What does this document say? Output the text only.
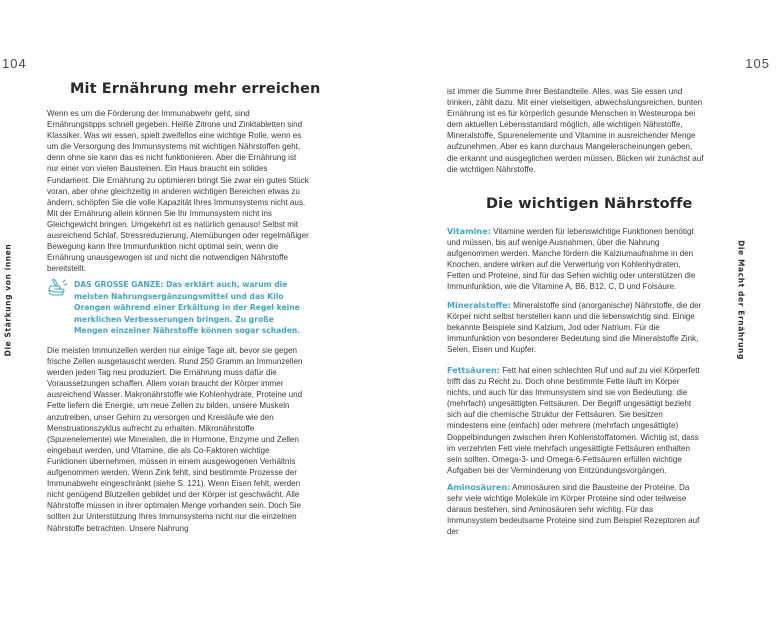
104	105
Die Stärkung von innen	Die Macht der Ernährung
Mit Ernährung mehr erreichen

Wenn es um die Förderung der Immunabwehr geht, sind Ernährungstipps schnell gegeben. Heiße Zitrone und Zinktabletten sind Klassiker. Was wir essen, spielt zweifellos eine wichtige Rolle, wenn es um die Versorgung des Immunsystems mit wichtigen Nährstoffen geht, denn ohne sie kann das es nicht funktionieren. Aber die Ernährung ist nur einer von vielen Bausteinen. Ein Haus braucht ein solides Fundament. Die Ernährung zu optimieren bringt Sie zwar ein gutes Stück voran, aber ohne gleichzeitig in anderen wichtigen Bereichen etwas zu ändern, schöpfen Sie die volle Kapazität Ihres Immunsystems nicht aus. Mit der Ernährung allein können Sie Ihr Immunsystem nicht ins Gleichgewicht bringen. Umgekehrt ist es natürlich genauso! Selbst mit ausreichend Schlaf, Stressreduzierung, Atemübungen oder regelmäßiger Bewegung kann Ihre Immunfunktion nicht optimal sein, wenn die Ernährung unausgewogen ist und nicht die notwendigen Nährstoffe bereitstellt.

DAS GROSSE GANZE: Das erklärt auch, warum die meisten Nahrungsergänzungsmittel und das Kilo Orangen während einer Erkältung in der Regel keine merklichen Verbesserungen bringen. Zu große Mengen einzelner Nährstoffe können sogar schaden.

Die meisten Immunzellen werden nur einige Tage alt, bevor sie gegen frische Zellen ausgetauscht werden. Rund 250 Gramm an Immunzellen werden jeden Tag neu produziert. Die Ernährung muss dafür die Voraussetzungen schaffen. Allem voran braucht der Körper immer ausreichend Wasser. Makronährstoffe wie Kohlenhydrate, Proteine und Fette liefern die Energie, um neue Zellen zu bilden, unsere Muskeln anzutreiben, unser Gehirn zu versorgen und Kreisläufe wie den Menstruationszyklus aufrecht zu erhalten. Mikronährstoffe (Spurenelemente) wie Mineralien, die in Hormone, Enzyme und Zellen eingebaut werden, und Vitamine, die als Co-Faktoren wichtige Funktionen übernehmen, müssen in einem ausgewogenen Verhältnis aufgenommen werden. Wenn Zink fehlt, sind bestimmte Prozesse der Immunabwehr eingeschränkt (siehe S. 121). Wenn Eisen fehlt, werden nicht genügend Blutzellen gebildet und der Körper ist geschwächt. Alle Nährstoffe müssen in ihrer optimalen Menge vorhanden sein. Doch Sie sollten zur Unterstützung Ihres Immunsystems nicht nur die einzelnen Nährstoffe betrachten. Unsere Nahrung

ist immer die Summe ihrer Bestandteile. Alles, was Sie essen und trinken, zählt dazu. Mit einer vielseitigen, abwechslungsreichen, bunten Ernährung ist es für körperlich gesunde Menschen in Westeuropa bei dem aktuellen Lebensstandard möglich, alle wichtigen Nährstoffe, Mineralstoffe, Spurenelemente und Vitamine in ausreichender Menge aufzunehmen. Aber es kann durchaus Mangelerscheinungen geben, die erkannt und ausgeglichen werden müssen. Blicken wir zunächst auf die wichtigen Nährstoffe.

Die wichtigen Nährstoffe

Vitamine: Vitamine werden für lebenswichtige Funktionen benötigt und müssen, bis auf wenige Ausnahmen, über die Nahrung aufgenommen werden. Manche fördern die Kalziumaufnahme in den Knochen, andere wirken auf die Verwertung von Kohlenhydraten, Fetten und Proteine, sind für das Sehen wichtig oder unterstützen die Immunfunktion, wie die Vitamine A, B6, B12, C, D und Folsäure.

Mineralstoffe: Mineralstoffe sind (anorganische) Nährstoffe, die der Körper nicht selbst herstellen kann und die lebenswichtig sind. Einige bekannte Beispiele sind Kalzium, Jod oder Natrium. Für die Immunfunktion von besonderer Bedeutung sind die Mineralstoffe Zink, Selen, Eisen und Kupfer.

Fettsäuren: Fett hat einen schlechten Ruf und auf zu viel Körperfett trifft das zu Recht zu. Doch ohne bestimmte Fette läuft im Körper nichts, und auch für das Immunsystem sind sie von Bedeutung: die (mehrfach) ungesättigten Fettsäuren. Der Begriff ungesättigt bezieht sich auf die chemische Struktur der Fettsäuren. Sie besitzen mindestens eine (einfach) oder mehrere (mehrfach ungesättigte) Doppelbindungen zwischen ihren Kohlenstoffatomen. Wichtig ist, dass im verzehrten Fett viele mehrfach ungesättigte Fettsäuren enthalten sein sollten. Omega-3- und Omega-6-Fettsäuren erfüllen wichtige Aufgaben bei der Verminderung von Entzündungsvorgängen.

Aminosäuren: Aminosäuren sind die Bausteine der Proteine. Da sehr viele wichtige Moleküle im Körper Proteine sind oder teilweise daraus bestehen, sind Aminosäuren sehr wichtig. Für das Immunsystem bedeutsame Proteine sind zum Beispiel Rezeptoren auf der
